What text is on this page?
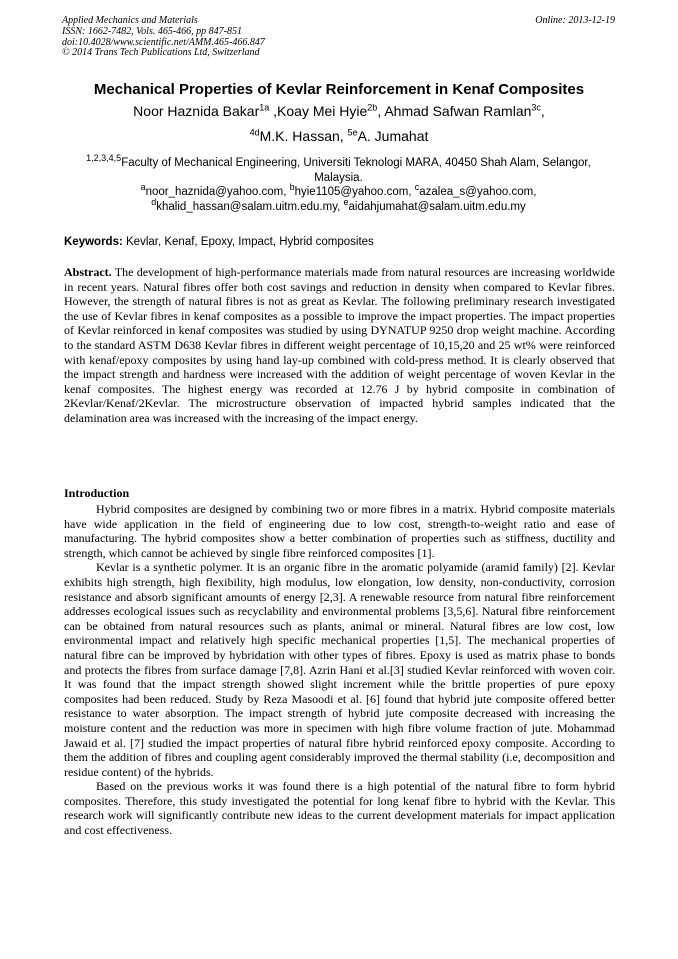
Applied Mechanics and Materials
ISSN: 1662-7482, Vols. 465-466, pp 847-851
doi:10.4028/www.scientific.net/AMM.465-466.847
© 2014 Trans Tech Publications Ltd, Switzerland
Online: 2013-12-19
Mechanical Properties of Kevlar Reinforcement in Kenaf Composites
Noor Haznida Bakar$^{1a}$ ,Koay Mei Hyie$^{2b}$, Ahmad Safwan Ramlan$^{3c}$,
$^{4d}$M.K. Hassan, $^{5e}$A. Jumahat
$^{1,2,3,4,5}$Faculty of Mechanical Engineering, Universiti Teknologi MARA, 40450 Shah Alam, Selangor, Malaysia.
$^a$noor_haznida@yahoo.com, $^b$hyie1105@yahoo.com, $^c$azalea_s@yahoo.com,
$^d$khalid_hassan@salam.uitm.edu.my, $^e$aidahjumahat@salam.uitm.edu.my
Keywords: Kevlar, Kenaf, Epoxy, Impact, Hybrid composites
Abstract. The development of high-performance materials made from natural resources are increasing worldwide in recent years. Natural fibres offer both cost savings and reduction in density when compared to Kevlar fibres. However, the strength of natural fibres is not as great as Kevlar. The following preliminary research investigated the use of Kevlar fibres in kenaf composites as a possible to improve the impact properties. The impact properties of Kevlar reinforced in kenaf composites was studied by using DYNATUP 9250 drop weight machine. According to the standard ASTM D638 Kevlar fibres in different weight percentage of 10,15,20 and 25 wt% were reinforced with kenaf/epoxy composites by using hand lay-up combined with cold-press method. It is clearly observed that the impact strength and hardness were increased with the addition of weight percentage of woven Kevlar in the kenaf composites. The highest energy was recorded at 12.76 J by hybrid composite in combination of 2Kevlar/Kenaf/2Kevlar. The microstructure observation of impacted hybrid samples indicated that the delamination area was increased with the increasing of the impact energy.
Introduction

Hybrid composites are designed by combining two or more fibres in a matrix. Hybrid composite materials have wide application in the field of engineering due to low cost, strength-to-weight ratio and ease of manufacturing. The hybrid composites show a better combination of properties such as stiffness, ductility and strength, which cannot be achieved by single fibre reinforced composites [1].

Kevlar is a synthetic polymer. It is an organic fibre in the aromatic polyamide (aramid family) [2]. Kevlar exhibits high strength, high flexibility, high modulus, low elongation, low density, non-conductivity, corrosion resistance and absorb significant amounts of energy [2,3]. A renewable resource from natural fibre reinforcement addresses ecological issues such as recyclability and environmental problems [3,5,6]. Natural fibre reinforcement can be obtained from natural resources such as plants, animal or mineral. Natural fibres are low cost, low environmental impact and relatively high specific mechanical properties [1,5]. The mechanical properties of natural fibre can be improved by hybridation with other types of fibres. Epoxy is used as matrix phase to bonds and protects the fibres from surface damage [7,8]. Azrin Hani et al.[3] studied Kevlar reinforced with woven coir. It was found that the impact strength showed slight increment while the brittle properties of pure epoxy composites had been reduced. Study by Reza Masoodi et al. [6] found that hybrid jute composite offered better resistance to water absorption. The impact strength of hybrid jute composite decreased with increasing the moisture content and the reduction was more in specimen with high fibre volume fraction of jute. Mohammad Jawaid et al. [7] studied the impact properties of natural fibre hybrid reinforced epoxy composite. According to them the addition of fibres and coupling agent considerably improved the thermal stability (i.e, decomposition and residue content) of the hybrids.

Based on the previous works it was found there is a high potential of the natural fibre to form hybrid composites. Therefore, this study investigated the potential for long kenaf fibre to hybrid with the Kevlar. This research work will significantly contribute new ideas to the current development materials for impact application and cost effectiveness.
